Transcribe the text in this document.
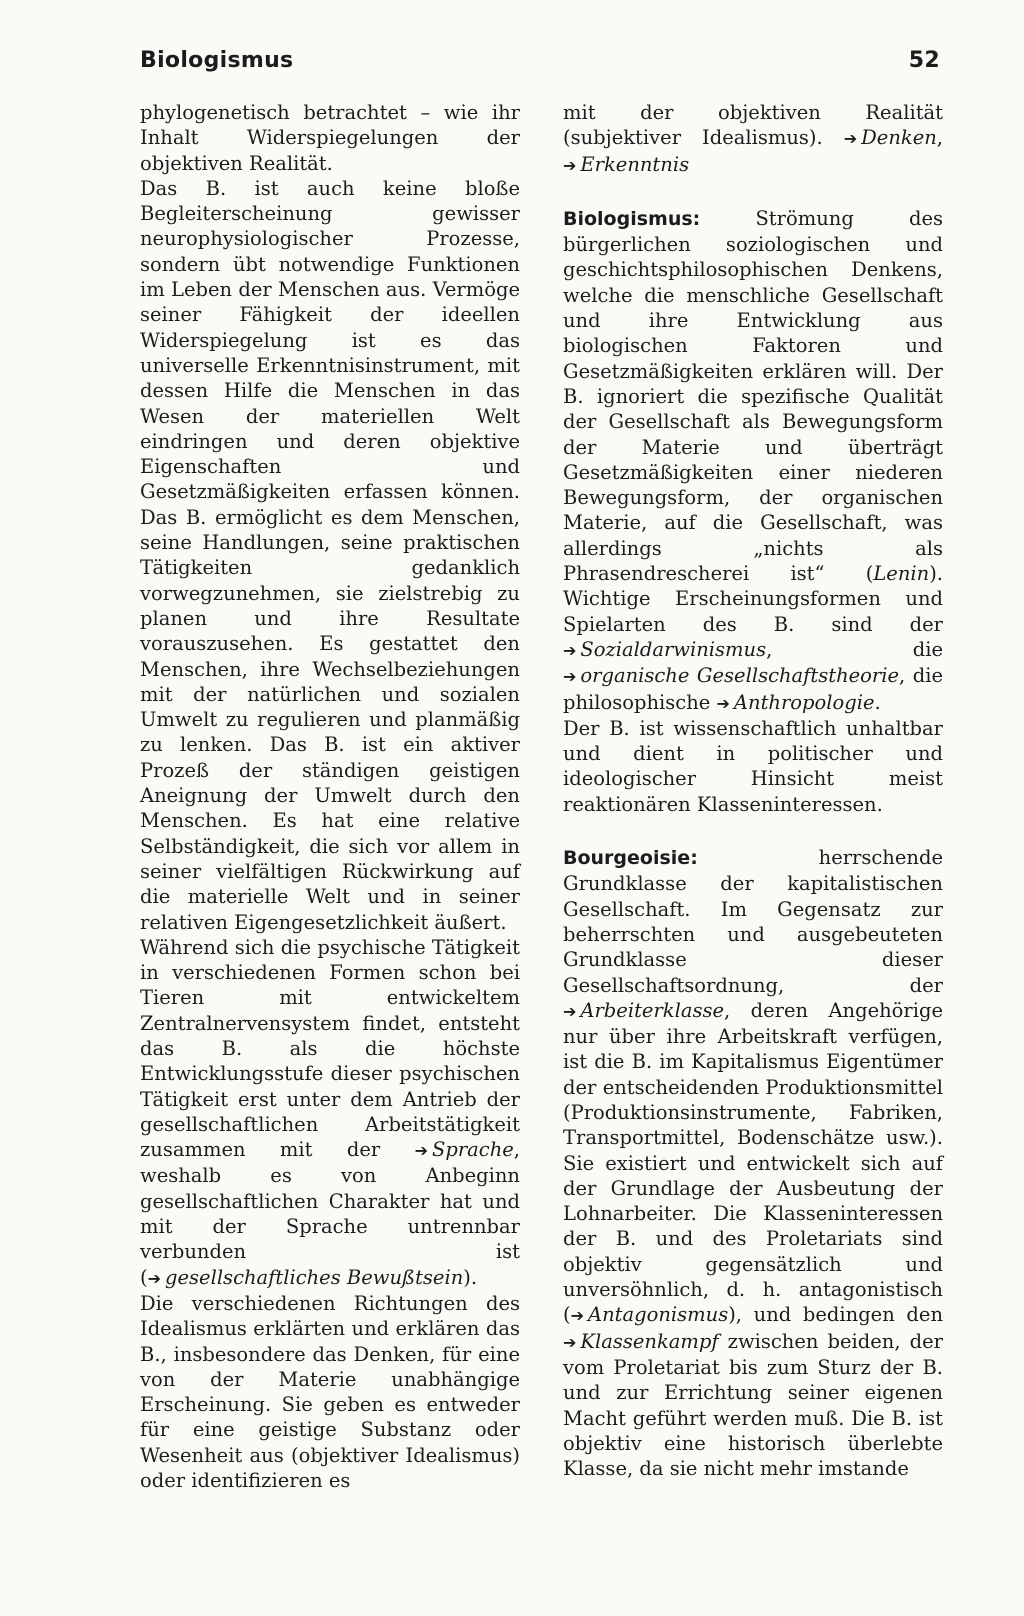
Biologismus	52

phylogenetisch betrachtet – wie ihr Inhalt Widerspiegelungen der objektiven Realität.

Das B. ist auch keine bloße Begleiterscheinung gewisser neurophysiologischer Prozesse, sondern übt notwendige Funktionen im Leben der Menschen aus. Vermöge seiner Fähigkeit der ideellen Widerspiegelung ist es das universelle Erkenntnisinstrument, mit dessen Hilfe die Menschen in das Wesen der materiellen Welt eindringen und deren objektive Eigenschaften und Gesetzmäßigkeiten erfassen können. Das B. ermöglicht es dem Menschen, seine Handlungen, seine praktischen Tätigkeiten gedanklich vorwegzunehmen, sie zielstrebig zu planen und ihre Resultate vorauszusehen. Es gestattet den Menschen, ihre Wechselbeziehungen mit der natürlichen und sozialen Umwelt zu regulieren und planmäßig zu lenken. Das B. ist ein aktiver Prozeß der ständigen geistigen Aneignung der Umwelt durch den Menschen. Es hat eine relative Selbständigkeit, die sich vor allem in seiner vielfältigen Rückwirkung auf die materielle Welt und in seiner relativen Eigengesetzlichkeit äußert.

Während sich die psychische Tätigkeit in verschiedenen Formen schon bei Tieren mit entwickeltem Zentralnervensystem findet, entsteht das B. als die höchste Entwicklungsstufe dieser psychischen Tätigkeit erst unter dem Antrieb der gesellschaftlichen Arbeitstätigkeit zusammen mit der ➔ Sprache, weshalb es von Anbeginn gesellschaftlichen Charakter hat und mit der Sprache untrennbar verbunden ist (➔ gesellschaftliches Bewußtsein).

Die verschiedenen Richtungen des Idealismus erklärten und erklären das B., insbesondere das Denken, für eine von der Materie unabhängige Erscheinung. Sie geben es entweder für eine geistige Substanz oder Wesenheit aus (objektiver Idealismus) oder identifizieren es

mit der objektiven Realität (subjektiver Idealismus). ➔ Denken, ➔ Erkenntnis

Biologismus: Strömung des bürgerlichen soziologischen und geschichtsphilosophischen Denkens, welche die menschliche Gesellschaft und ihre Entwicklung aus biologischen Faktoren und Gesetzmäßigkeiten erklären will. Der B. ignoriert die spezifische Qualität der Gesellschaft als Bewegungsform der Materie und überträgt Gesetzmäßigkeiten einer niederen Bewegungsform, der organischen Materie, auf die Gesellschaft, was allerdings „nichts als Phrasendrescherei ist“ (Lenin). Wichtige Erscheinungsformen und Spielarten des B. sind der ➔ Sozialdarwinismus, die ➔ organische Gesellschaftstheorie, die philosophische ➔ Anthropologie.

Der B. ist wissenschaftlich unhaltbar und dient in politischer und ideologischer Hinsicht meist reaktionären Klasseninteressen.

Bourgeoisie: herrschende Grundklasse der kapitalistischen Gesellschaft. Im Gegensatz zur beherrschten und ausgebeuteten Grundklasse dieser Gesellschaftsordnung, der ➔ Arbeiterklasse, deren Angehörige nur über ihre Arbeitskraft verfügen, ist die B. im Kapitalismus Eigentümer der entscheidenden Produktionsmittel (Produktionsinstrumente, Fabriken, Transportmittel, Bodenschätze usw.). Sie existiert und entwickelt sich auf der Grundlage der Ausbeutung der Lohnarbeiter. Die Klasseninteressen der B. und des Proletariats sind objektiv gegensätzlich und unversöhnlich, d. h. antagonistisch (➔ Antagonismus), und bedingen den ➔ Klassenkampf zwischen beiden, der vom Proletariat bis zum Sturz der B. und zur Errichtung seiner eigenen Macht geführt werden muß. Die B. ist objektiv eine historisch überlebte Klasse, da sie nicht mehr imstande
